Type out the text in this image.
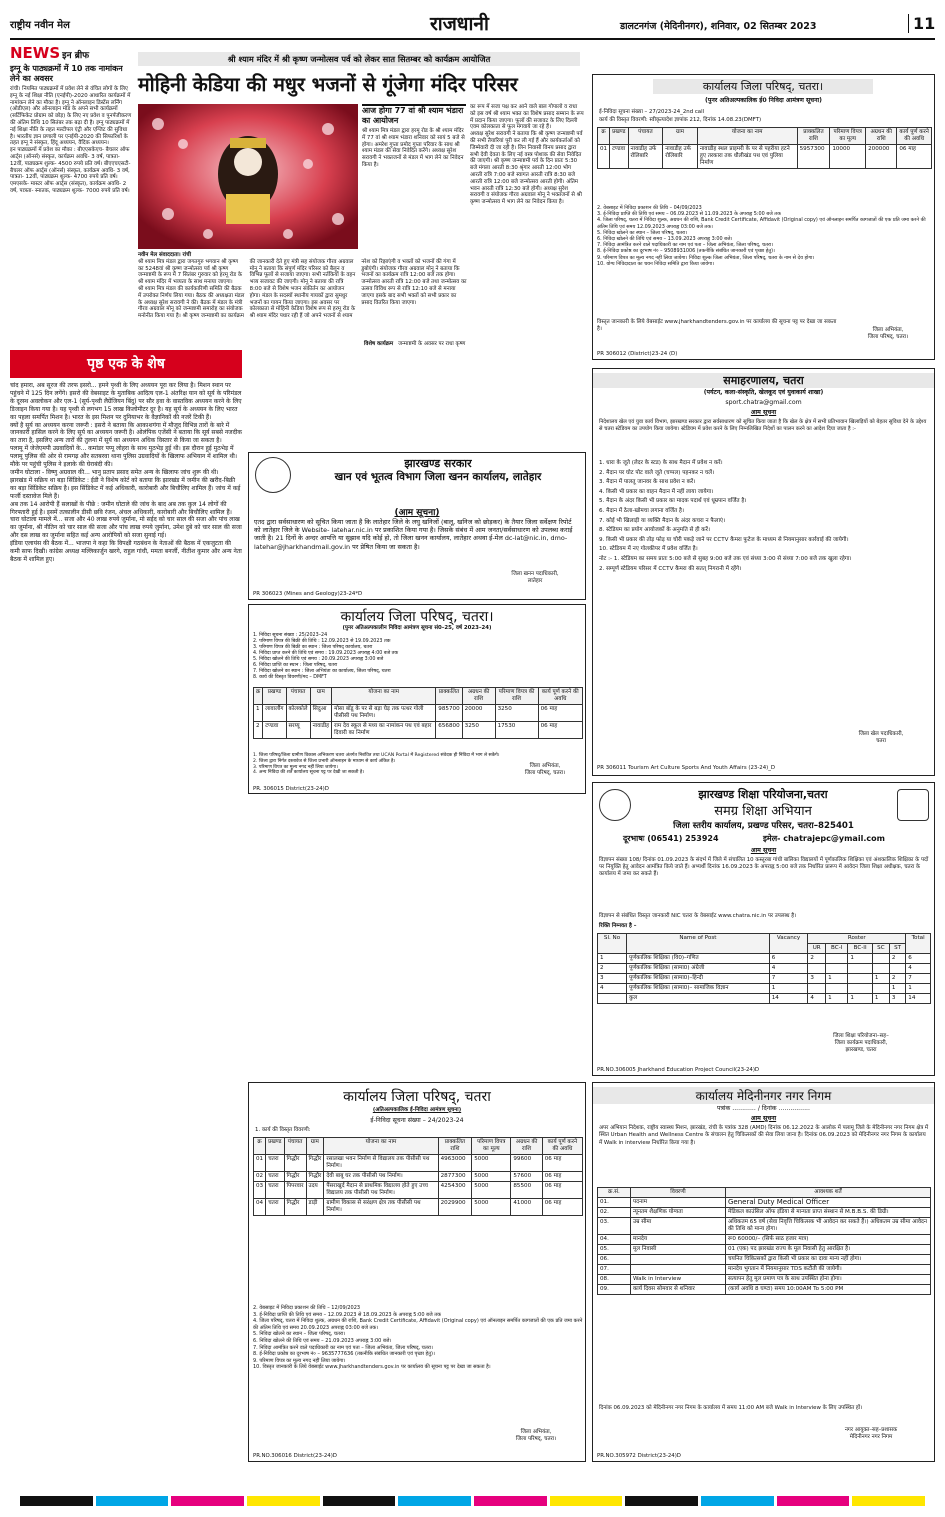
राष्ट्रीय नवीन मेल	राजधानी	डालटनगंज (मेदिनीनगर), शनिवार, 02 सितम्बर 2023	11
NEWS इन ब्रीफ
इग्नू के पाठ्यक्रमों में 10 तक नामांकन लेने का अवसर
रांची। नियमित पाठ्यक्रमों में प्रवेश लेने से वंचित लोगों के लिए इग्नू के नई शिक्षा नीति (एनईपी)-2020 आधारित कार्यक्रमों में नामांकन लेने का मौका है। इग्नू ने ऑनलाइन डिस्टेंस लर्निंग (ओडीएल) और ऑनलाइन मोड के अपने सभी कार्यक्रमों (सर्टिफिकेट प्रोग्राम को छोड़) के लिए नए प्रवेश व पुनर्पंजीकरण की अंतिम तिथि 10 सितंबर तक बढ़ा दी है। इग्नू पाठ्यक्रमों में नई शिक्षा नीति के तहत मल्टीपल एंट्री और एग्जिट की सुविधा है। भारतीय ज्ञान प्रणाली पर एनईपी-2020 की सिफारिशों के तहत इग्नू ने संस्कृत, हिंदू अध्ययन, वैदिक अध्ययन।
इन पाठ्यक्रमों में प्रवेश का मौका : बीएएसकेएच- बैचलर ऑफ आर्ट्स (ऑनर्स) संस्कृत, कार्यक्रम अवधि- 3 वर्ष, पात्रता- 12वीं, पाठ्यक्रम शुल्क- 4500 रुपये प्रति वर्ष। बीएएचएसटी- बैचलर ऑफ आर्ट्स (ऑनर्स) संस्कृत, कार्यक्रम अवधि- 3 वर्ष, पात्रता- 12वीं, पाठ्यक्रम शुल्क- 4700 रुपये प्रति वर्ष। एमएसके- मास्टर ऑफ आर्ट्स (संस्कृत), कार्यक्रम अवधि- 2 वर्ष, पात्रता- स्नातक, पाठ्यक्रम शुल्क- 7000 रुपये प्रति वर्ष।
श्री श्याम मंदिर में श्री कृष्ण जन्मोत्सव पर्व को लेकर सात सितम्बर को कार्यक्रम आयोजित
मोहिनी केडिया की मधुर भजनों से गूंजेगा मंदिर परिसर
आज होगा 77 वां श्री श्याम भंडारा का आयोजन
श्री श्याम मित्र मंडल द्वारा हरमू रोड के श्री श्याम मंदिर में 77 वां श्री श्याम भंडारा शनिवार को सायं 5 बजे से होगा। अमरेश गुप्ता प्रमोद गुप्ता परिवार के साथ श्री श्याम मंडल की सेवा निवेदित करेंगे। अध्यक्ष सुरेश सरावगी ने भक्तजनों से मंडल में भाग लेने का निवेदन किया है।
का रूप में सजा पक्ष कर आने वाले बाल गोपालो व राधा को इस वर्ष श्री श्याम भक्त का विशेष प्रसाद सम्मान के रूप में प्रदान किया जाएगा। फूलों की सजावट के लिए दिल्ली एवम कोलकाता से फूल मंगवाये जा रहे हैं।
अध्यक्ष सुरेश सरावगी ने बताया कि श्री कृष्ण जन्माष्टमी पर्व की सभी तैयारियां पूरी कर ली गई हैं और कार्यकर्ताओं को जिम्मेवारी दी जा रही है। लिन निवासी विनय प्रसाद द्वारा सभी देवी देवता के लिए नई वस्त्र पोशाक की सेवा निवेदित की जाएगी। श्री कृष्ण जन्माष्टमी पर्व के दिन प्रातः 5:30 बजे मंगला आरती 8:30 श्रृंगार आरती 12:00 भोग आरती रात्रि 7:00 बजे स्वागत आरती रात्रि 8:30 बजे आरती रात्रि 12:00 बजे जन्मोत्सव आरती होगी। अंतिम भवन आरती रात्रि 12:30 बजे होगी। अध्यक्ष सुरेश सरावगी व संयोजक गौरव अग्रवाल मोनू ने भक्तजनों से श्री कृष्ण जन्मोत्सव में भाग लेने का निवेदन किया है।
नवीन मेल संवाददाता। रांची
श्री श्याम मित्र मंडल द्वारा जगतगुरु भगवान श्री कृष्ण का 5248वां श्री कृष्ण जन्मोत्सव पर्व श्री कृष्ण जन्माष्टमी के रूप में 7 सितंबर गुरुवार को हरमू रोड के श्री श्याम मंदिर में भव्यता के साथ मनाया जाएगा।
श्री श्याम मित्र मंडल की कार्यकारिणी समिति की बैठक में उपरोक्त निर्णय लिया गया। बैठक की अध्यक्षता मंडल के अध्यक्ष सुरेश सरावगी ने की। बैठक में मंडल के मंत्री गौरव अग्रवाल मोनू को जन्माष्टमी समारोह का संयोजक मनोनीत किया गया है। श्री कृष्ण जन्माष्टमी का कार्यक्रम की जानकारी देते हुए मंत्री सह संयोजक गौरव अग्रवाल मोनू ने बताया कि संपूर्ण मंदिर परिसर को बैलून व विभिन्न फूलों से सजाया जाएगा। सभी नर्तकियों के वहन भव्य सजावट की जाएगी। मोनू ने बताया की रात्रि 8:00 बजे से विशेष भजन संकीर्तन का आयोजन होगा। मंडल के सदस्यों स्थानीय गायकों द्वारा सुमधुर भजनों का गायन किया जाएगा। इस अवसर पर कोलकाता से मोहिनी केडिया विशेष रूप से हरमू रोड के श्री श्याम मंदिर पधार रही हैं जो अपने भजनों से श्याम नरेश को रिझाएंगी व भक्तों को भजनों की गंगा में डुबोएंगी। संयोजक गौरव अग्रवाल मोनू ने बताया कि भजनों का कार्यक्रम रात्रि 12:00 बजे तक होगा। जन्मोत्सव आरती रात्रि 12:00 बजे तथा जन्मोत्सव का उत्सव विविध रूप से रात्रि 12:10 बजे से मनाया जाएगा इसके बाद सभी भक्तों को सभी प्रकार का प्रसाद वितरित किया जाएगा।
विशेष कार्यक्रम जन्माष्टमी के अवसर पर राधा कृष्ण
पृष्ठ एक के शेष
चांद हमारा, अब सूरज की तरफ इसरो... हमने पृथ्वी के लिए अध्ययन पूरा कर लिया है। मिशन स्थान पर पहुंचने में 125 दिन लगेंगे। इसरो की वेबसाइट के मुताबिक आदित्य एल-1 अंतरिक्ष यान को सूर्य के परिमंडल के दूरस्थ अवलोकन और एल-1 (सूर्य-पृथ्वी लैग्रेंजियन बिंदु) पर सौर हवा के वास्तविक अध्ययन करने के लिए डिजाइन किया गया है। यह पृथ्वी से लगभग 15 लाख किलोमीटर दूर है। यह सूर्य के अध्ययन के लिए भारत का पहला समर्पित मिशन है। भारत के इस मिशन पर दुनियाभर के वैज्ञानिकों की नजरें टिकी हैं।
क्यों है सूर्य का अध्ययन करना जरूरी : इसरो ने बताया कि आकाशगंगा में मौजूद विभिन्न तारों के बारे में जानकारी हासिल करने के लिए सूर्य का अध्ययन जरूरी है। ओलंपिक एजेंसी ने बताया कि सूर्य सबसे नजदीक का तारा है, इसलिए अन्य तारों की तुलना में सूर्य का अध्ययन अधिक विस्तार से किया जा सकता है।
पलामू में जेजेएमपी उग्रवादियों के... कमांडर पप्पू लोहरा के साथ मुठभेड़ हुई थी। इस दौरान हुई मुठभेड़ में पलामू पुलिस की ओर से रामगढ़ और सतबरवा थाना पुलिस उग्रवादियों के खिलाफ अभियान में शामिल थी। मौके पर पहुंची पुलिस ने इलाके की घेराबंदी की।
जमीन घोटाला - विष्णु अग्रवाल की... भानु प्रताप प्रसाद समेत अन्य के खिलाफ जांच शुरू की थी।
झारखंड में सक्रिय था बड़ा सिंडिकेट : ईडी ने विशेष कोर्ट को बताया कि झारखंड में जमीन की खरीद-बिक्री का बड़ा सिंडिकेट सक्रिय है। इस सिंडिकेट में कई अधिकारी, कारोबारी और बिचौलिए शामिल हैं। जांच में कई फर्जी दस्तावेज मिले हैं।
अब तक 14 आरोपी हैं सलाखों के पीछे : जमीन घोटाले की जांच के बाद अब तक कुल 14 लोगों की गिरफ्तारी हुई है। इसमें तत्कालीन डीसी छवि रंजन, अंचल अधिकारी, कारोबारी और बिचौलिए शामिल हैं।
चारा घोटाला मामले में... सजा और 40 लाख रुपये जुर्माना, मो सईद को चार साल की सजा और पांच लाख का जुर्माना, श्री नीतिन को चार साल की सजा और पांच लाख रुपये जुर्माना, उमेश दुबे को चार साल की सजा और दस लाख का जुर्माना सहित कई अन्य आरोपियों को सजा सुनाई गई।
इंडिया एलायंस की बैठक में... भाजपा ने कहा कि विपक्षी गठबंधन के नेताओं की बैठक में एकजुटता की कमी साफ दिखी। कांग्रेस अध्यक्ष मल्लिकार्जुन खरगे, राहुल गांधी, ममता बनर्जी, नीतीश कुमार और अन्य नेता बैठक में शामिल हुए।
झारखण्ड सरकार
खान एवं भूतत्व विभाग जिला खनन कार्यालय, लातेहार
(आम सूचना)
एतद द्वारा सर्वसाधारण को सूचित किया जाता है कि लातेहार जिले के लघु खनिजों (बालू, खनिज को छोड़कर) के तैयार जिला सर्वेक्षण रिपोर्ट को लातेहार जिले के Website- latehar.nic.in पर प्रकाशित किया गया है। जिसके संबंध में आम जनता/सर्वसाधारण को उपलब्ध कराई जाती है। 21 दिनों के अन्दर आपत्ति या सुझाव यदि कोई हो, तो जिला खनन कार्यालय, लातेहार अथवा ई-मेल dc-lat@nic.in, dmo-latehar@jharkhandmail.gov.in पर प्रेषित किया जा सकता है।
जिला खनन पदाधिकारी,
लातेहार
PR 306023 (Mines and Geology)23-24*D
कार्यालय जिला परिषद्, चतरा।
(पुनर अतिअल्पकालीन निविदा आमंत्रण सूचना सं0–25, वर्ष 2023–24)
1. निविदा सूचना संख्या : 25/2023–24
2. परिमाण विपत्र की बिक्री की तिथि : 12.09.2023 से 19.09.2023 तक
3. परिमाण विपत्र की बिक्री का स्थान : जिला परिषद् कार्यालय, चतरा
4. निविदा प्राप्त करने की तिथि एवं समय : 19.09.2023 अपराह्न 4:00 बजे तक
5. निविदा खोलने की तिथि एवं समय : 20.09.2023 अपराह्न 3:00 बजे
6. निविदा प्राप्ति का स्थान : जिला परिषद्, चतरा
7. निविदा खोलने का स्थान : जिला अभियंता का कार्यालय, जिला परिषद्, चतरा
8. कार्य की विस्तृत विवरणी/मद – DMFT
क्र	प्रखण्ड	पंचायत	ग्राम	योजना का नाम	प्राक्कलित	अग्रधन की राशि	परिमाण विपत्र की राशि	कार्य पूर्ण करने की अवधि
1	लावालौंग	कोलकोले	सिदुआ	मोसा बॉडू के पर से बड़ा घेड़ तक पत्थर गोली पीसीसी पथ निर्माण।	985700	20000	3250	06 माह
2	टण्डवा	सरय्यू	नावाडीह	राम देव स्कूल से मध्य का नामांकन पथ एवं बहार दिवारी का निर्माण	656800	3250	17530	06 माह
1. जिला परिषद्/जिला ग्रामीण विकास अभिकरण चतरा अंतर्गत निबंधित तथा UCAN Portal में Registered संवेदक ही निविदा में भाग ले सकेंगे।
2. जिला द्वारा निर्गत दस्तावेज से जिला प्रभारी ऑनलाइन के माध्यम से कार्य अंकित है।
3. परिमाण विपत्र का मूल्य नगद नहीं लिया जायेगा।
4. अन्य निविदा की शर्तें कार्यालय सूचना पट्ट पर देखी जा सकती है।
जिला अभियंता,
जिला परिषद्, चतरा।
PR. 306015 District(23-24)D
कार्यालय जिला परिषद्, चतरा
(अतिअल्पकालिक ई-निविदा आमंत्रण सूचना)
ई-निविदा सूचना संख्या – 24/2023-24
1. कार्य की विस्तृत विवरणी:
क्र	प्रखण्ड	पंचायत	ग्राम	योजना का नाम	प्राक्कलित राशि	परिमाण विपत्र का मूल्य	अग्रधन की राशि	कार्य पूर्ण करने की अवधि
01	चतरा	गिद्धौर	गिद्धौर	रसालखा भवन निर्माण से विद्यालय तक पीसीसी पथ निर्माण।	4963000	5000	99600	06 माह
02	चतरा	गिद्धौर	गिद्धौर	देवी बाबू घर तक पीसीसी पथ निर्माण।	2877300	5000	57600	06 माह
03	चतरा	पिपरवार	उदय	पैंसराखुर्द मैदान से प्राथमिक विद्यालय होते हुए उच्च विद्यालय तक पीसीसी पथ निर्माण।	4254300	5000	85500	06 माह
04	चतरा	गिद्धौर	डाड़ी	ग्रामीण विकास से सरंक्षण क्षेत्र तक पीसीसी पथ निर्माण।	2029900	5000	41000	06 माह
2. वेबसाइट में निविदा प्रकाशन की तिथि – 12/09/2023
3. ई-निविदा प्राप्ति की तिथि एवं समय – 12.09.2023 से 18.09.2023 के अपराह्न 5:00 बजे तक
4. जिला परिषद्, चतरा में निविदा शुल्क, अग्रधन की राशि, Bank Credit Certificate, Affidavit (Original copy) एवं ऑनलाइन समर्पित कागजातों की एक प्रति जमा करने की अंतिम तिथि एवं समय 20.09.2023 अपराह्न 03:00 बजे तक।
5. निविदा खोलने का स्थान – जिला परिषद्, चतरा।
6. निविदा खोलने की तिथि एवं समय – 21.09.2023 अपराह्न 3:00 बजे।
7. निविदा आमंत्रित करने वाले पदाधिकारी का नाम एवं पता – जिला अभियंता, जिला परिषद्, चतरा।
8. ई-निविदा प्रकोष्ठ का दूरभाष नं० – 9635777636 (तकनीकि संबंधित जानकारी एवं पृच्छा हेतु)।
9. परिमाण विपत्र का मूल्य नगद नहीं लिया जायेगा।
10. विस्तृत जानकारी के लिये वेबसाईट www.jharkhandtenders.gov.in पर कार्यालय की सूचना पट्ट पर देखा जा सकता है।
जिला अभियंता,
जिला परिषद्, चतरा।
PR.NO.306016 District(23-24)D
कार्यालय जिला परिषद्, चतरा।
(पुनर अतिअल्पकालिक ई0 निविदा आमंत्रण सूचना)
ई-निविदा सूचना संख्या – 27/2023-24_2nd call
कार्य की विस्तृत विवरणी: स्वीकृत्यादेश ज्ञापांक 212, दिनांक 14.08.23(DMFT)
क्र	प्रखण्ड	पंचायत	ग्राम	योजना का नाम	प्राक्कलित राशि	परिमाण विपत्र का मूल्य	अग्रधन की राशि	कार्य पूर्ण करने की अवधि
01	टण्डवा	नावाडीह उर्फ रोलिबारि	नावाडीह उर्फ रोलिबारि	नावाडीह स्थल प्राइमरी के पर से पहरीया हटने हुए तरकारा तक धौलीखंड पथ एवं पुलिया निर्माण	5957300	10000	200000	06 माह
2. वेबसाइट में निविदा प्रकाशन की तिथि – 04/09/2023
3. ई-निविदा प्राप्ति की तिथि एवं समय – 06.09.2023 से 11.09.2023 के अपराह्न 5:00 बजे तक
4. जिला परिषद्, चतरा में निविदा शुल्क, अग्रधन की राशि, Bank Credit Certificate, Affidavit (Original copy) एवं ऑनलाइन समर्पित कागजातों की एक प्रति जमा करने की अंतिम तिथि एवं समय 12.09.2023 अपराह्न 03:00 बजे तक।
5. निविदा खोलने का स्थान – जिला परिषद्, चतरा।
6. निविदा खोलने की तिथि एवं समय – 13.09.2023 अपराह्न 3:00 बजे।
7. निविदा आमंत्रित करने वाले पदाधिकारी का नाम एवं पता – जिला अभियंता, जिला परिषद्, चतरा।
8. ई-निविदा प्रकोष्ठ का दूरभाष नं० – 9508931006 (तकनीकि संबंधित जानकारी एवं पृच्छा हेतु)।
9. परिमाण विपत्र का मूल्य नगद नहीं लिया जायेगा। निविदा शुल्क जिला अभियंता, जिला परिषद्, चतरा के नाम से देय होगा।
10. योग्य निविदादाता का चयन निविदा समिति द्वारा किया जायेगा।
विस्तृत जानकारी के लिये वेबसाईट www.jharkhandtenders.gov.in पर कार्यालय की सूचना पट्ट पर देखा जा सकता है।	जिला अभियंता,
जिला परिषद्, चतरा।
PR 306012 (District)23-24 (D)
समाहरणालय, चतरा
(पर्यटन, कला-संस्कृति, खेलकूद एवं युवाकार्य शाखा)
sport.chatra@gmail.com
आम सूचना
निदेशालय खेल एवं युवा कार्य विभाग, झारखण्ड सरकार द्वारा सर्वसाधारण को सूचित किया जाता है कि खेल के क्षेत्र में सभी प्रतिभावान खिलाड़ियों को बेहतर सुविधा देने के उद्देश्य से चतरा स्टेडियम का उपयोग किया जायेगा। स्टेडियम में प्रवेश करने के लिए निम्नलिखित निदेशों का पालन करने का आदेश दिया जाता है :-
1. धारा के जूते (लेदर के स्टड) के साथ मैदान में प्रवेश न करें।
2. मैदान पर घोट पोट वाले जूते (चप्पल) पहनकर न चलें।
3. मैदान में पालतू जानवर के साथ प्रवेश न करें।
4. किसी भी प्रकार का वाहन मैदान में नहीं लाया जायेगा।
5. मैदान के अंदर किसी भी प्रकार का मादक पदार्थ एवं धूम्रपान वर्जित है।
6. मैदान में ठेला-खोमचा लगाना वर्जित है।
7. कोई भी खिलाड़ी या व्यक्ति मैदान के अंदर कचरा न फैलाएं।
8. स्टेडियम का प्रयोग आयोजकों के अनुमति से ही करें।
9. किसी भी प्रकार की तोड़ फोड़ या चोरी पकड़े जाने पर CCTV कैमरा फुटेज के माध्यम से नियमानुसार कार्रवाई की जायेगी।
10. स्टेडियम में नए गोलकीपर में प्रवेश वर्जित है।
नोट :- 1. स्टेडियम का समय प्रातः 5:00 बजे से सुबह 9:00 बजे तक एवं संध्या 3:00 से संध्या 7:00 बजे तक खुला रहेगा।
2. सम्पूर्ण स्टेडियम परिसर में CCTV कैमरा की सतत् निगरानी में रहेंगे।
जिला खेल पदाधिकारी,
चतरा
PR 306011 Tourism Art Culture Sports And Youth Affairs (23-24)_D
झारखण्ड शिक्षा परियोजना,चतरा
समग्र शिक्षा अभियान
जिला स्तरीय कार्यालय, प्रखण्ड परिसर, चतरा–825401
दूरभाषः (06541) 253924	इमेल- chatrajepc@ymail.com
आम सूचना
विज्ञापन संख्या 108/ दिनांक 01.09.2023 के संदर्भ में जिले में संचालित 10 कस्तूरबा गांधी बालिका विद्यालयों में पूर्णकालिक शिक्षिका एवं अंशकालिक शिक्षिका के पदों पर नियुक्ति हेतु आवेदन आमंत्रित किये जाते हैं। अभ्यर्थी दिनांक 16.09.2023 के अपराह्न 5:00 बजे तक निर्धारित प्रारूप में आवेदन जिला शिक्षा अधीक्षक, चतरा के कार्यालय में जमा कर सकते हैं।
विज्ञापन से संबंधित विस्तृत जानकारी NIC चतरा के वेबसाईट www.chatra.nic.in पर उपलब्ध है।
रिक्ति निम्नवत है –
Sl. No	Name of Post	Vacancy	Roster					Total
			UR	BC-I	BC-II	SC	ST	
1	पूर्णकालिक शिक्षिका (वि0)–गणित	6	2		1		2	6
2	पूर्णकालिक शिक्षिका (सामा0) अंग्रेजी	4						4
3	पूर्णकालिक शिक्षिका (सामा0)–हिन्दी	7	3	1		1	2	7
4	पूर्णकालिक शिक्षिका (सामा0)– सामाजिक विज्ञान	1					1	1
	कुल	14	4	1	1	1	3	14
जिला शिक्षा परियोजना–सह–
जिला कार्यक्रम पदाधिकारी,
झारखण्ड, चतरा
PR.NO.306005 Jharkhand Education Project Council(23-24)D
कार्यालय मेदिनीनगर नगर निगम
पत्रांक ............ / दिनांक ................
आम सूचना
अपर अभियान निदेशक, राष्ट्रीय स्वास्थ्य मिशन, झारखंड, रांची के पत्रांक 328 (AMD) दिनांक 06.12.2022 के आलोक में पलामू जिले के मेदिनीनगर नगर निगम क्षेत्र में स्थित Urban Health and Wellness Centre के संचालन हेतु चिकित्सकों की सेवा लिया जाना है। दिनांक 06.09.2023 को मेदिनीनगर नगर निगम के कार्यालय में Walk in interview निर्धारित किया गया है।
क्र.सं.	विवरणी	आवश्यक शर्तें
01.	पदनाम	General Duty Medical Officer
02.	न्यूनतम शैक्षणिक योग्यता	मेडिकल काउंसिल ऑफ इंडिया से मान्यता प्राप्त संस्थान से M.B.B.S. की डिग्री।
03.	उम्र सीमा	अधिकतम 65 वर्ष (सेवा निवृत्ति चिकित्सक भी आवेदन कर सकते हैं।) अधिकतम उम्र सीमा आवेदन की तिथि को मान्य होगा।
04.	मानदेय	रू0 60000/– (सिर्फ साठ हजार मात्र)
05.	मूल निवासी	01 (एक) पद झारखंड राज्य के मूल निवासी हेतु आरक्षित है।
06.		चयनित चिकित्सकों द्वारा किसी भी प्रकार का दावा मान्य नहीं होगा।
07.		मानदेय भुगतान में नियमानुसार TDS कटौती की जायेगी।
08.	Walk in Interview	सत्यापन हेतु मूल प्रमाण पत्र के साथ उपस्थित होना होगा।
09.	कार्य दिवस सोमवार से शनिवार	(कार्य अवधि 8 घण्टा) समय 10:00AM To 5:00 PM
दिनांक 06.09.2023 को मेदिनीनगर नगर निगम के कार्यालय में समय 11:00 AM बजे Walk in Interview के लिए उपस्थित हों।
नगर आयुक्त–सह–प्रशासक
मेदिनीनगर नगर निगम
PR.NO.305972 District(23-24)D
